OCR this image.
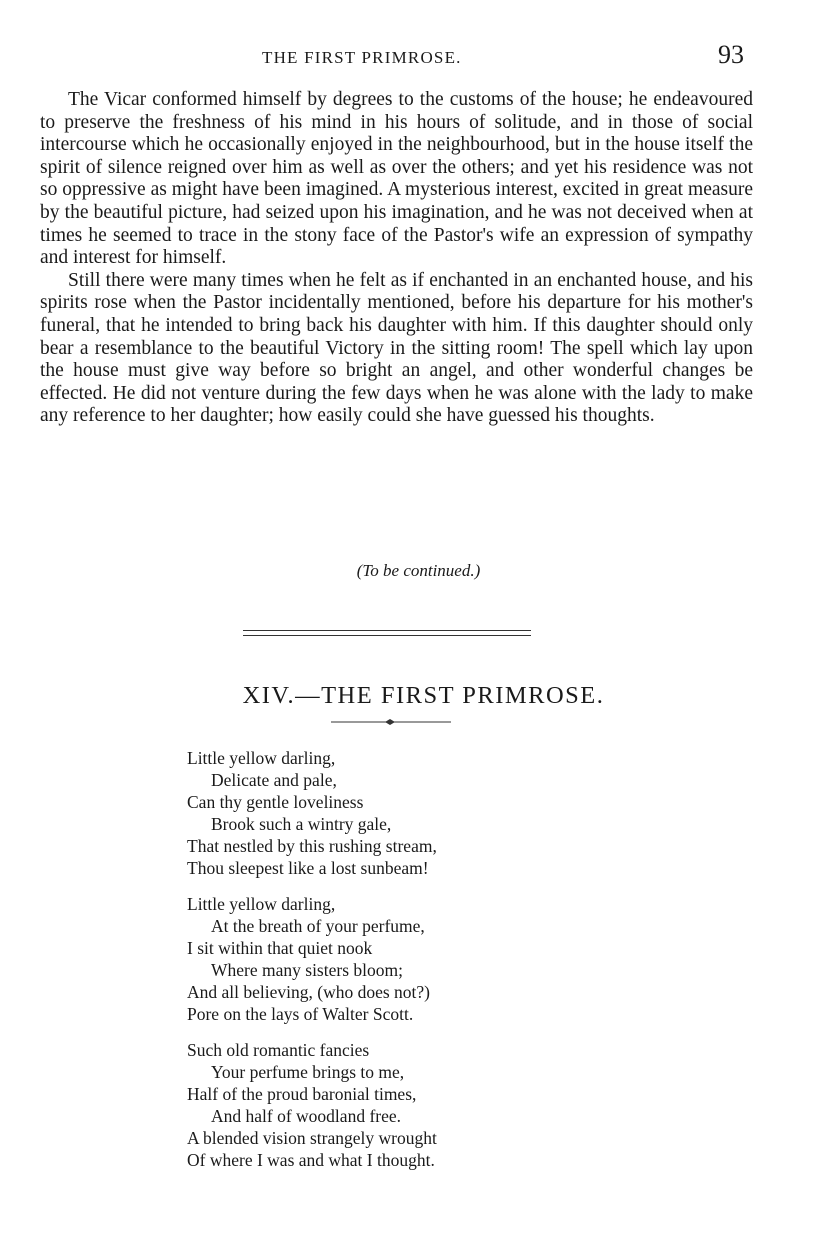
THE FIRST PRIMROSE.	93

The Vicar conformed himself by degrees to the customs of the house; he endeavoured to preserve the freshness of his mind in his hours of solitude, and in those of social intercourse which he occasionally enjoyed in the neighbourhood, but in the house itself the spirit of silence reigned over him as well as over the others; and yet his residence was not so oppressive as might have been imagined. A mysterious interest, excited in great measure by the beautiful picture, had seized upon his imagination, and he was not deceived when at times he seemed to trace in the stony face of the Pastor's wife an expression of sympathy and interest for himself.

Still there were many times when he felt as if enchanted in an enchanted house, and his spirits rose when the Pastor incidentally mentioned, before his departure for his mother's funeral, that he intended to bring back his daughter with him. If this daughter should only bear a resemblance to the beautiful Victory in the sitting room! The spell which lay upon the house must give way before so bright an angel, and other wonderful changes be effected. He did not venture during the few days when he was alone with the lady to make any reference to her daughter; how easily could she have guessed his thoughts.

(To be continued.)
XIV.—THE FIRST PRIMROSE.
Little yellow darling,
Delicate and pale,
Can thy gentle loveliness
Brook such a wintry gale,
That nestled by this rushing stream,
Thou sleepest like a lost sunbeam!
Little yellow darling,
At the breath of your perfume,
I sit within that quiet nook
Where many sisters bloom;
And all believing, (who does not?)
Pore on the lays of Walter Scott.
Such old romantic fancies
Your perfume brings to me,
Half of the proud baronial times,
And half of woodland free.
A blended vision strangely wrought
Of where I was and what I thought.
